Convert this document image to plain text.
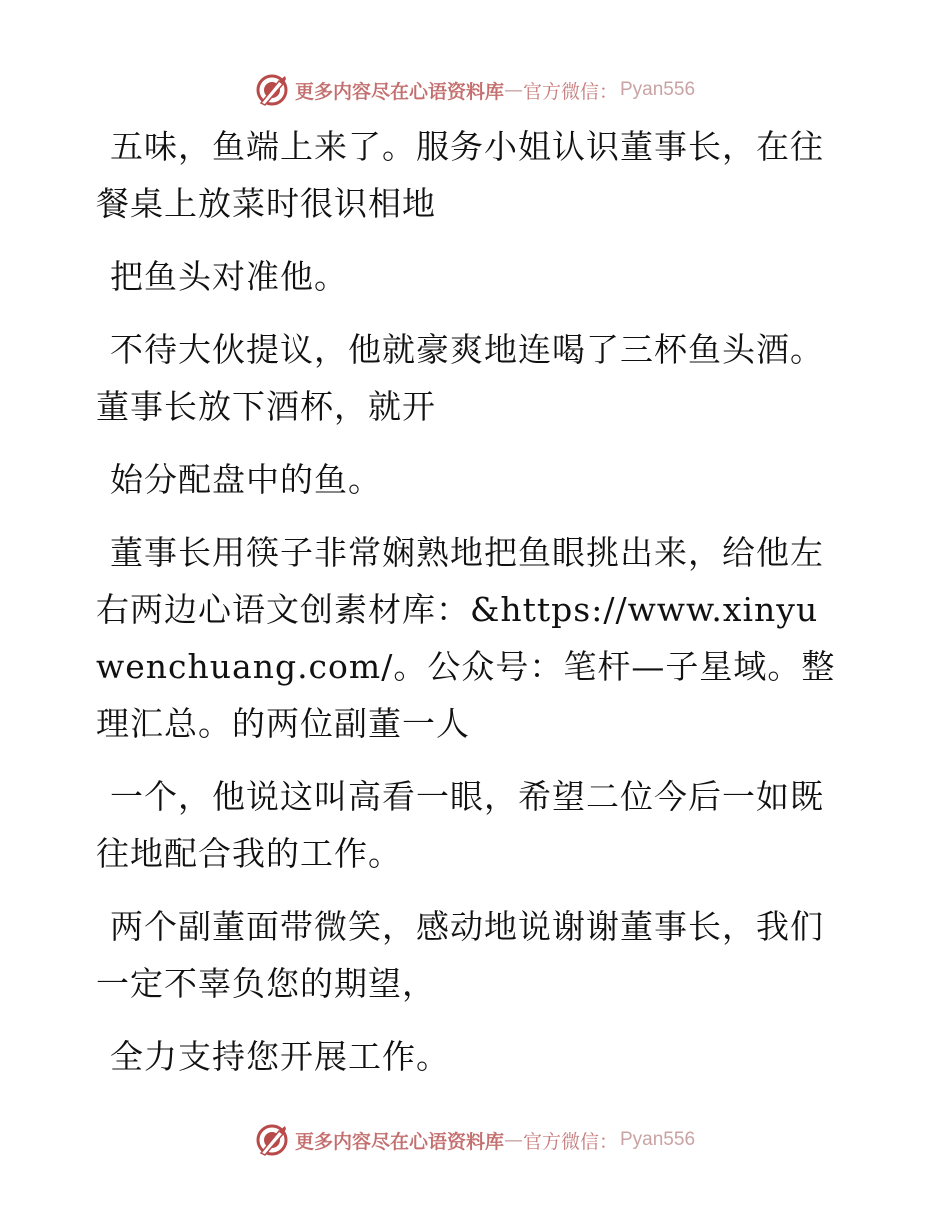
更多内容尽在心语资料库 — 官方微信： Pyan556

五味，鱼端上来了。服务小姐认识董事长，在往餐桌上放菜时很识相地

把鱼头对准他。

不待大伙提议，他就豪爽地连喝了三杯鱼头酒。董事长放下酒杯，就开

始分配盘中的鱼。

董事长用筷子非常娴熟地把鱼眼挑出来，给他左右两边心语文创素材库：&https://www.xinyuwenchuang.com/。公众号：笔杆—子星域。整理汇总。的两位副董一人

一个，他说这叫高看一眼，希望二位今后一如既往地配合我的工作。

两个副董面带微笑，感动地说谢谢董事长，我们一定不辜负您的期望，

全力支持您开展工作。

更多内容尽在心语资料库 — 官方微信： Pyan556
